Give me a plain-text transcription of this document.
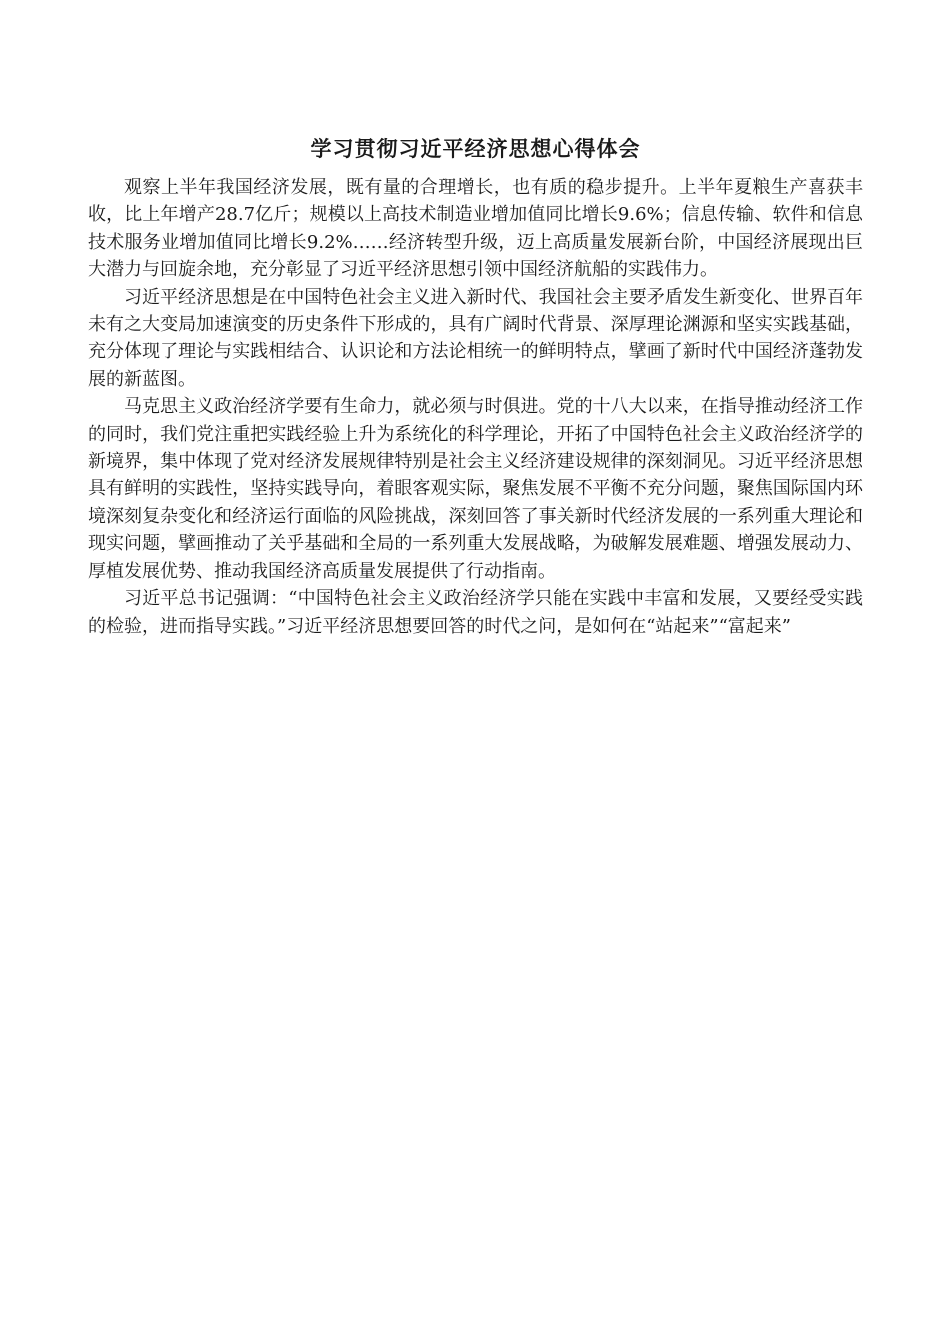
学习贯彻习近平经济思想心得体会

观察上半年我国经济发展，既有量的合理增长，也有质的稳步提升。上半年夏粮生产喜获丰收，比上年增产28.7亿斤；规模以上高技术制造业增加值同比增长9.6%；信息传输、软件和信息技术服务业增加值同比增长9.2%……经济转型升级，迈上高质量发展新台阶，中国经济展现出巨大潜力与回旋余地，充分彰显了习近平经济思想引领中国经济航船的实践伟力。

习近平经济思想是在中国特色社会主义进入新时代、我国社会主要矛盾发生新变化、世界百年未有之大变局加速演变的历史条件下形成的，具有广阔时代背景、深厚理论渊源和坚实实践基础，充分体现了理论与实践相结合、认识论和方法论相统一的鲜明特点，擘画了新时代中国经济蓬勃发展的新蓝图。

马克思主义政治经济学要有生命力，就必须与时俱进。党的十八大以来，在指导推动经济工作的同时，我们党注重把实践经验上升为系统化的科学理论，开拓了中国特色社会主义政治经济学的新境界，集中体现了党对经济发展规律特别是社会主义经济建设规律的深刻洞见。习近平经济思想具有鲜明的实践性，坚持实践导向，着眼客观实际，聚焦发展不平衡不充分问题，聚焦国际国内环境深刻复杂变化和经济运行面临的风险挑战，深刻回答了事关新时代经济发展的一系列重大理论和现实问题，擘画推动了关乎基础和全局的一系列重大发展战略，为破解发展难题、增强发展动力、厚植发展优势、推动我国经济高质量发展提供了行动指南。

习近平总书记强调：“中国特色社会主义政治经济学只能在实践中丰富和发展，又要经受实践的检验，进而指导实践。”习近平经济思想要回答的时代之问，是如何在“站起来”“富起来”
